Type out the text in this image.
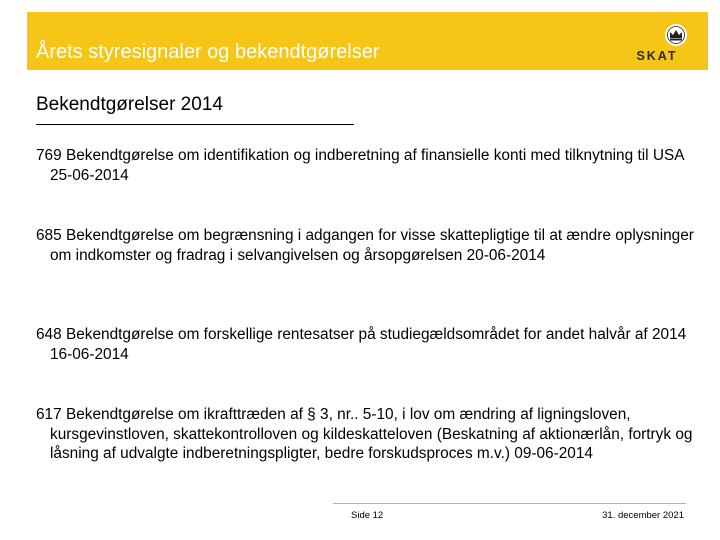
Årets styresignaler og bekendtgørelser	SKAT
Bekendtgørelser 2014
769 Bekendtgørelse om identifikation og indberetning af finansielle konti med tilknytning til USA 25-06-2014
685 Bekendtgørelse om begrænsning i adgangen for visse skattepligtige til at ændre oplysninger om indkomster og fradrag i selvangivelsen og årsopgørelsen 20-06-2014
648 Bekendtgørelse om forskellige rentesatser på studiegældsområdet for andet halvår af 2014 16-06-2014
617 Bekendtgørelse om ikrafttræden af § 3, nr.. 5-10, i lov om ændring af ligningsloven, kursgevinstloven, skattekontrolloven og kildeskatteloven (Beskatning af aktionærlån, fortryk og låsning af udvalgte indberetningspligter, bedre forskudsproces m.v.) 09-06-2014
Side 12	31. december 2021
